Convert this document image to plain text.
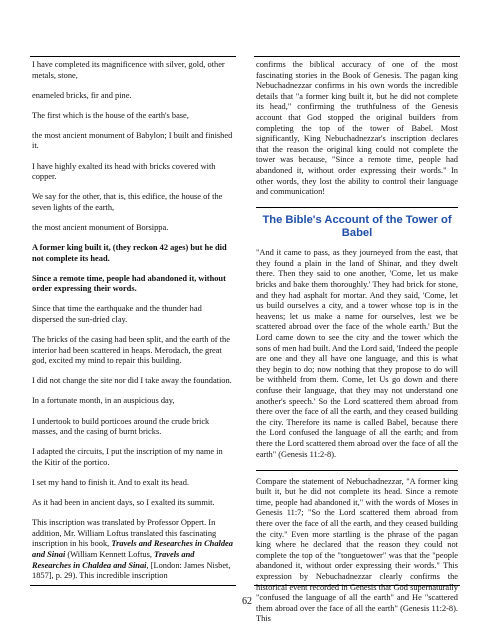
I have completed its magnificence with silver, gold, other metals, stone,

enameled bricks, fir and pine.

The first which is the house of the earth's base,

the most ancient monument of Babylon; I built and finished it.

I have highly exalted its head with bricks covered with copper.

We say for the other, that is, this edifice, the house of the seven lights of the earth,

the most ancient monument of Borsippa.

A former king built it, (they reckon 42 ages) but he did not complete its head.

Since a remote time, people had abandoned it, without order expressing their words.

Since that time the earthquake and the thunder had dispersed the sun-dried clay.

The bricks of the casing had been split, and the earth of the interior had been scattered in heaps. Merodach, the great god, excited my mind to repair this building.

I did not change the site nor did I take away the foundation.

In a fortunate month, in an auspicious day,

I undertook to build porticoes around the crude brick masses, and the casing of burnt bricks.

I adapted the circuits, I put the inscription of my name in the Kitir of the portico.

I set my hand to finish it. And to exalt its head.

As it had been in ancient days, so I exalted its summit.

This inscription was translated by Professor Oppert. In addition, Mr. William Loftus translated this fascinating inscription in his book, Travels and Researches in Chaldea and Sinai (William Kennett Loftus, Travels and Researches in Chaldea and Sinai, [London: James Nisbet, 1857], p. 29). This incredible inscription

confirms the biblical accuracy of one of the most fascinating stories in the Book of Genesis. The pagan king Nebuchadnezzar confirms in his own words the incredible details that "a former king built it, but he did not complete its head," confirming the truthfulness of the Genesis account that God stopped the original builders from completing the top of the tower of Babel. Most significantly, King Nebuchadnezzar's inscription declares that the reason the original king could not complete the tower was because, "Since a remote time, people had abandoned it, without order expressing their words." In other words, they lost the ability to control their language and communication!

The Bible's Account of the Tower of Babel

"And it came to pass, as they journeyed from the east, that they found a plain in the land of Shinar, and they dwelt there. Then they said to one another, 'Come, let us make bricks and bake them thoroughly.' They had brick for stone, and they had asphalt for mortar. And they said, 'Come, let us build ourselves a city, and a tower whose top is in the heavens; let us make a name for ourselves, lest we be scattered abroad over the face of the whole earth.' But the Lord came down to see the city and the tower which the sons of men had built. And the Lord said, 'Indeed the people are one and they all have one language, and this is what they begin to do; now nothing that they propose to do will be withheld from them. Come, let Us go down and there confuse their language, that they may not understand one another's speech.' So the Lord scattered them abroad from there over the face of all the earth, and they ceased building the city. Therefore its name is called Babel, because there the Lord confused the language of all the earth; and from there the Lord scattered them abroad over the face of all the earth" (Genesis 11:2-8).

Compare the statement of Nebuchadnezzar, "A former king built it, but he did not complete its head. Since a remote time, people had abandoned it," with the words of Moses in Genesis 11:7; "So the Lord scattered them abroad from there over the face of all the earth, and they ceased building the city." Even more startling is the phrase of the pagan king where he declared that the reason they could not complete the top of the "tonguetower" was that the "people abandoned it, without order expressing their words." This expression by Nebuchadnezzar clearly confirms the historical event recorded in Genesis that God supernaturally "confused the language of all the earth" and He "scattered them abroad over the face of all the earth" (Genesis 11:2-8). This

62
